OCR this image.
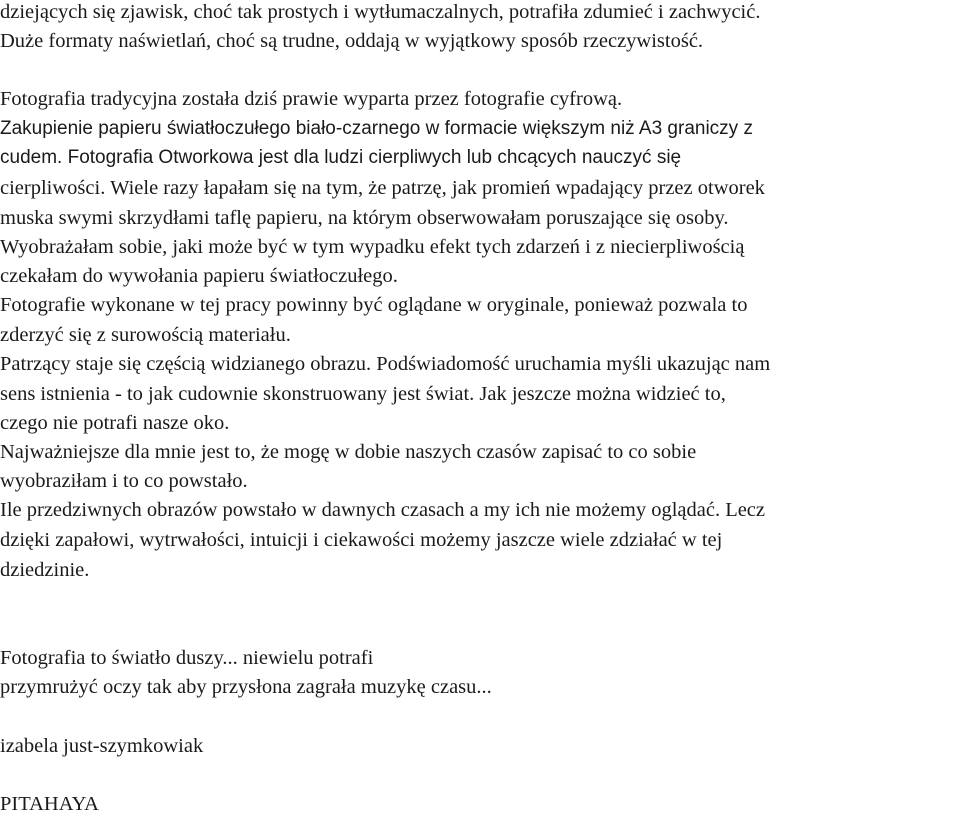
dziejących się zjawisk, choć tak prostych i wytłumaczalnych, potrafiła zdumieć i zachwycić.
Duże formaty naświetlań, choć są trudne, oddają w wyjątkowy sposób rzeczywistość.
Fotografia tradycyjna została dziś prawie wyparta przez fotografie cyfrową.
Zakupienie papieru światłoczułego biało-czarnego w formacie większym niż A3 graniczy z
cudem. Fotografia Otworkowa jest dla ludzi cierpliwych lub chcących nauczyć się
cierpliwości. Wiele razy łapałam się na tym, że patrzę, jak promień wpadający przez otworek
muska swymi skrzydłami taflę papieru, na którym obserwowałam poruszające się osoby.
Wyobrażałam sobie, jaki może być w tym wypadku efekt tych zdarzeń i z niecierpliwością
czekałam do wywołania papieru światłoczułego.
Fotografie wykonane w tej pracy powinny być oglądane w oryginale, ponieważ pozwala to
zderzyć się z surowością materiału.
Patrzący staje się częścią widzianego obrazu. Podświadomość uruchamia myśli ukazując nam
sens istnienia - to jak cudownie skonstruowany jest świat. Jak jeszcze można widzieć to,
czego nie potrafi nasze oko.
Najważniejsze dla mnie jest to, że mogę w dobie naszych czasów zapisać to co sobie
wyobraziłam i to co powstało.
Ile przedziwnych obrazów powstało w dawnych czasach a my ich nie możemy oglądać. Lecz
dzięki zapałowi, wytrwałości, intuicji i ciekawości możemy jaszcze wiele zdziałać w tej
dziedzinie.
Fotografia to światło duszy... niewielu potrafi
przymrużyć oczy tak aby przysłona zagrała muzykę czasu...
izabela just-szymkowiak
PITAHAYA
